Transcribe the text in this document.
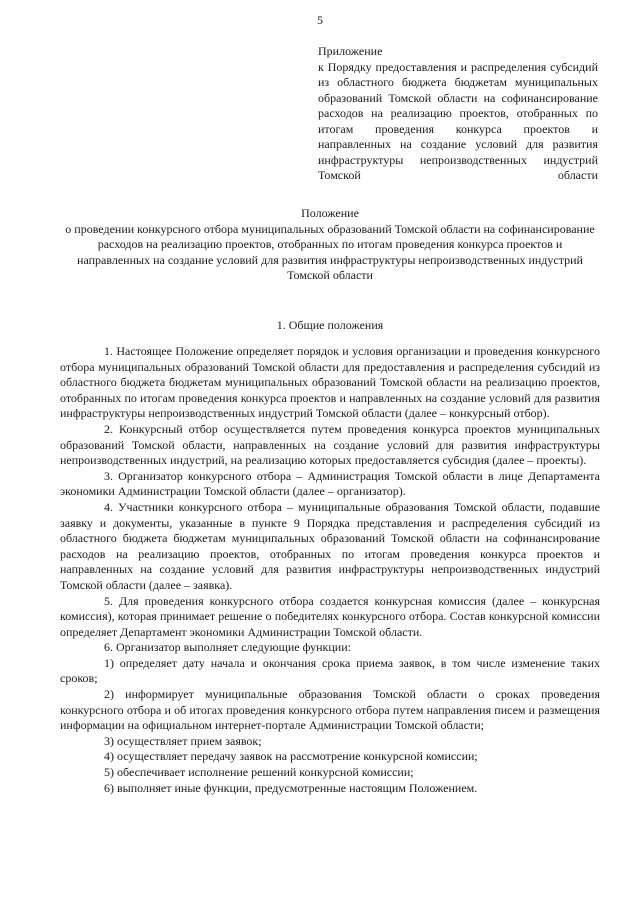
5
Приложение
к Порядку предоставления и распределения субсидий из областного бюджета бюджетам муниципальных образований Томской области на софинансирование расходов на реализацию проектов, отобранных по итогам проведения конкурса проектов и направленных на создание условий для развития инфраструктуры непроизводственных индустрий Томской области
Положение
о проведении конкурсного отбора муниципальных образований Томской области на софинансирование расходов на реализацию проектов, отобранных по итогам проведения конкурса проектов и направленных на создание условий для развития инфраструктуры непроизводственных индустрий Томской области
1. Общие положения

1. Настоящее Положение определяет порядок и условия организации и проведения конкурсного отбора муниципальных образований Томской области для предоставления и распределения субсидий из областного бюджета бюджетам муниципальных образований Томской области на реализацию проектов, отобранных по итогам проведения конкурса проектов и направленных на создание условий для развития инфраструктуры непроизводственных индустрий Томской области (далее – конкурсный отбор).

2. Конкурсный отбор осуществляется путем проведения конкурса проектов муниципальных образований Томской области, направленных на создание условий для развития инфраструктуры непроизводственных индустрий, на реализацию которых предоставляется субсидия (далее – проекты).

3. Организатор конкурсного отбора – Администрация Томской области в лице Департамента экономики Администрации Томской области (далее – организатор).

4. Участники конкурсного отбора – муниципальные образования Томской области, подавшие заявку и документы, указанные в пункте 9 Порядка представления и распределения субсидий из областного бюджета бюджетам муниципальных образований Томской области на софинансирование расходов на реализацию проектов, отобранных по итогам проведения конкурса проектов и направленных на создание условий для развития инфраструктуры непроизводственных индустрий Томской области (далее – заявка).

5. Для проведения конкурсного отбора создается конкурсная комиссия (далее – конкурсная комиссия), которая принимает решение о победителях конкурсного отбора. Состав конкурсной комиссии определяет Департамент экономики Администрации Томской области.

6. Организатор выполняет следующие функции:

1) определяет дату начала и окончания срока приема заявок, в том числе изменение таких сроков;

2) информирует муниципальные образования Томской области о сроках проведения конкурсного отбора и об итогах проведения конкурсного отбора путем направления писем и размещения информации на официальном интернет-портале Администрации Томской области;

3) осуществляет прием заявок;

4) осуществляет передачу заявок на рассмотрение конкурсной комиссии;

5) обеспечивает исполнение решений конкурсной комиссии;

6) выполняет иные функции, предусмотренные настоящим Положением.
